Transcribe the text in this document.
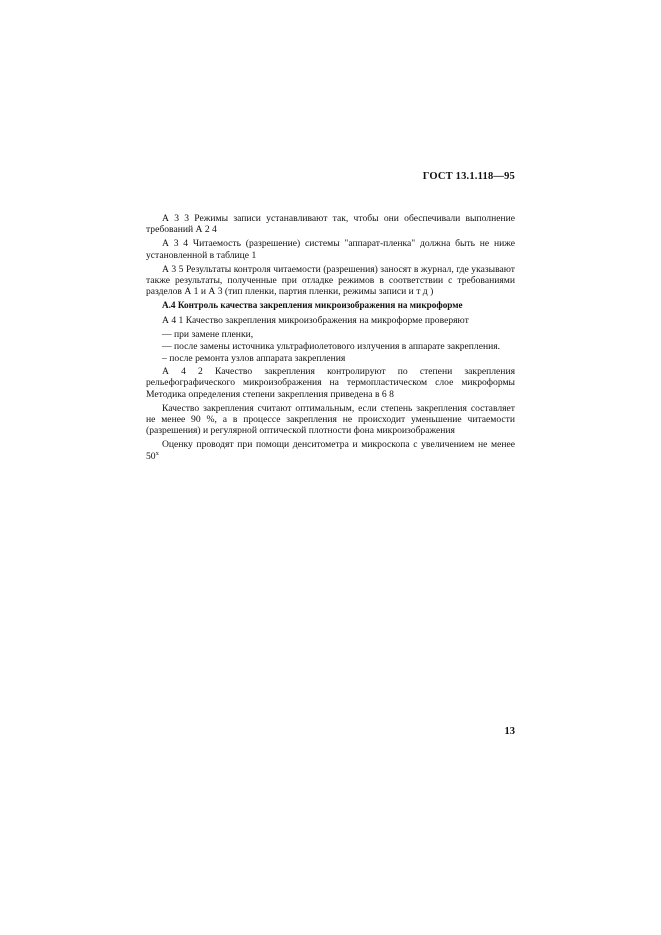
ГОСТ 13.1.118—95

А 3 3 Режимы записи устанавливают так, чтобы они обеспечивали выполнение требований А 2 4

А 3 4 Читаемость (разрешение) системы "аппарат-пленка" должна быть не ниже установленной в таблице 1

А 3 5 Результаты контроля читаемости (разрешения) заносят в журнал, где указывают также результаты, полученные при отладке режимов в соответствии с требованиями разделов А 1 и А 3 (тип пленки, партия пленки, режимы записи и т д )

А.4 Контроль качества закрепления микроизображения на микроформе

А 4 1 Качество закрепления микроизображения на микроформе проверяют

— при замене пленки,

— после замены источника ультрафиолетового излучения в аппарате закрепления.

– после ремонта узлов аппарата закрепления

А 4 2 Качество закрепления контролируют по степени закрепления рельефографического микроизображения на термопластическом слое микроформы Методика определения степени закрепления приведена в 6 8

Качество закрепления считают оптимальным, если степень закрепления составляет не менее 90 %, а в процессе закрепления не происходит уменьшение читаемости (разрешения) и регулярной оптической плотности фона микроизображения

Оценку проводят при помощи денситометра и микроскопа с увеличением не менее $50^х$

13
